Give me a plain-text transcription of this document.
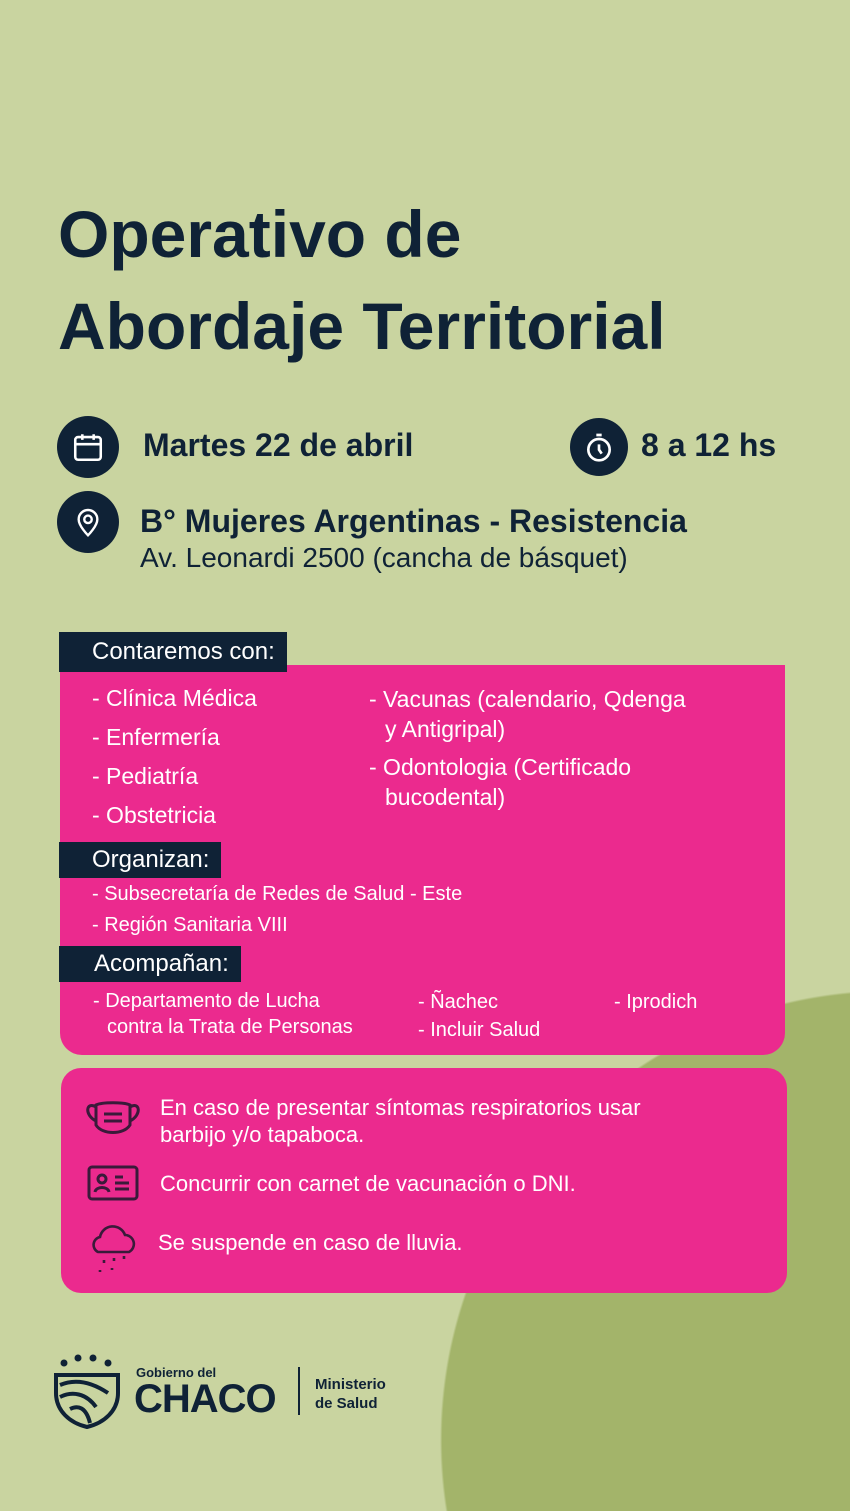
Operativo de
Abordaje Territorial
Martes 22 de abril	8 a 12 hs
B° Mujeres Argentinas - Resistencia
Av. Leonardi 2500 (cancha de básquet)
Contaremos con:
- Clínica Médica
- Enfermería
- Pediatría
- Obstetricia
- Vacunas (calendario, Qdenga
y Antigripal)
- Odontologia (Certificado
bucodental)
Organizan:
- Subsecretaría de Redes de Salud - Este
- Región Sanitaria VIII
Acompañan:
- Departamento de Lucha
contra la Trata de Personas
- Ñachec
- Incluir Salud
- Iprodich
En caso de presentar síntomas respiratorios usar
barbijo y/o tapaboca.
Concurrir con carnet de vacunación o DNI.
Se suspende en caso de lluvia.
Gobierno del
CHACO	Ministerio
de Salud
